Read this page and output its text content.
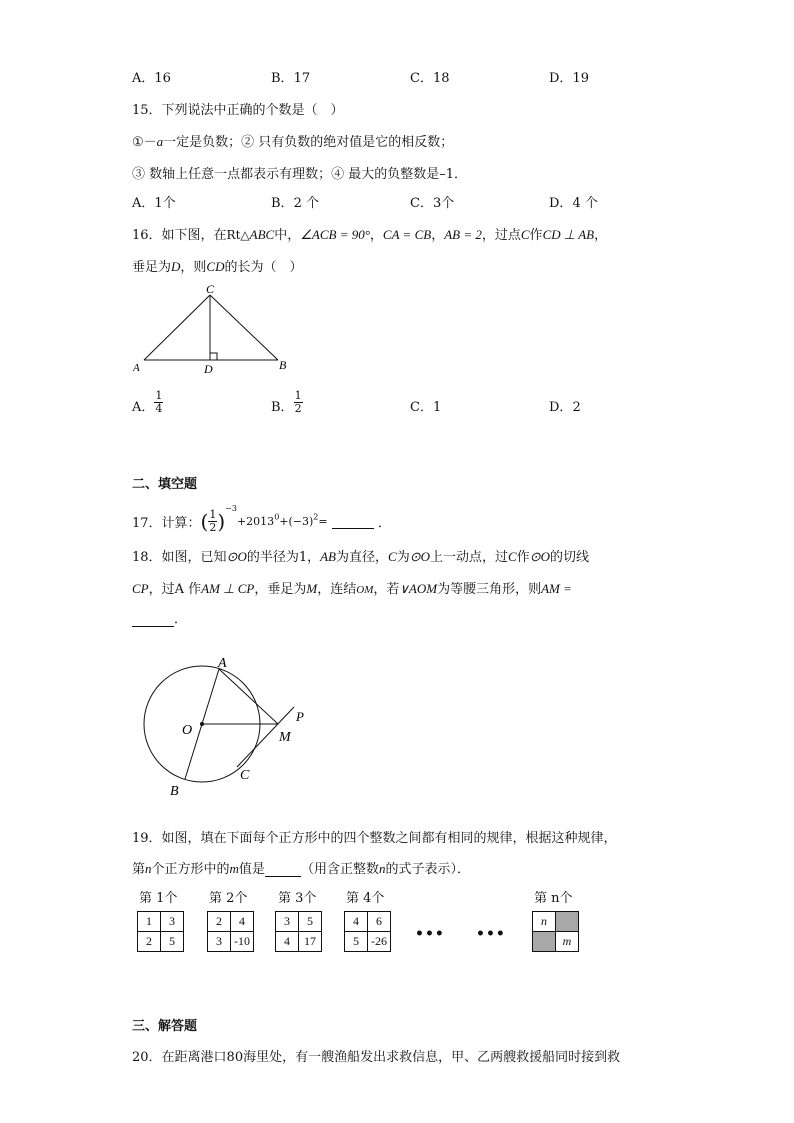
A．16	B．17	C．18	D．19
15．下列说法中正确的个数是（　）
①－a一定是负数；② 只有负数的绝对值是它的相反数；
③ 数轴上任意一点都表示有理数；④ 最大的负整数是–1．
A．1个	B．2 个	C．3个	D．4 个
16．如下图，在Rt△ABC中，∠ACB = 90°，CA = CB，AB = 2，过点C作CD ⊥ AB，
垂足为D，则CD的长为（　）
C
A	D	B
A． $\frac{1}{4}$	B． $\frac{1}{2}$	C．1	D．2
二、填空题
17．计算：( $\frac{1}{2} )^{-3}+2013^0+(-3)^2=$	．
18．如图，已知⊙O的半径为1，AB为直径，C为⊙O上一动点，过C作⊙O的切线
CP，过A 作AM ⊥ CP，垂足为M，连结OM，若∨AOM为等腰三角形，则AM =
．
A
O
P
M
C
B
19．如图，填在下面每个正方形中的四个整数之间都有相同的规律，根据这种规律，
第n个正方形中的m值是	（用含正整数n的式子表示）．
第 1个
1	3
2	5
第 2个
2	4
3	-10
第 3个
3	5
4	17
第 4个
4	6
5	-26 ••• •••
第 n个
n	
	m
三、解答题
20．在距离港口80海里处，有一艘渔船发出求救信息，甲、乙两艘救援船同时接到救
